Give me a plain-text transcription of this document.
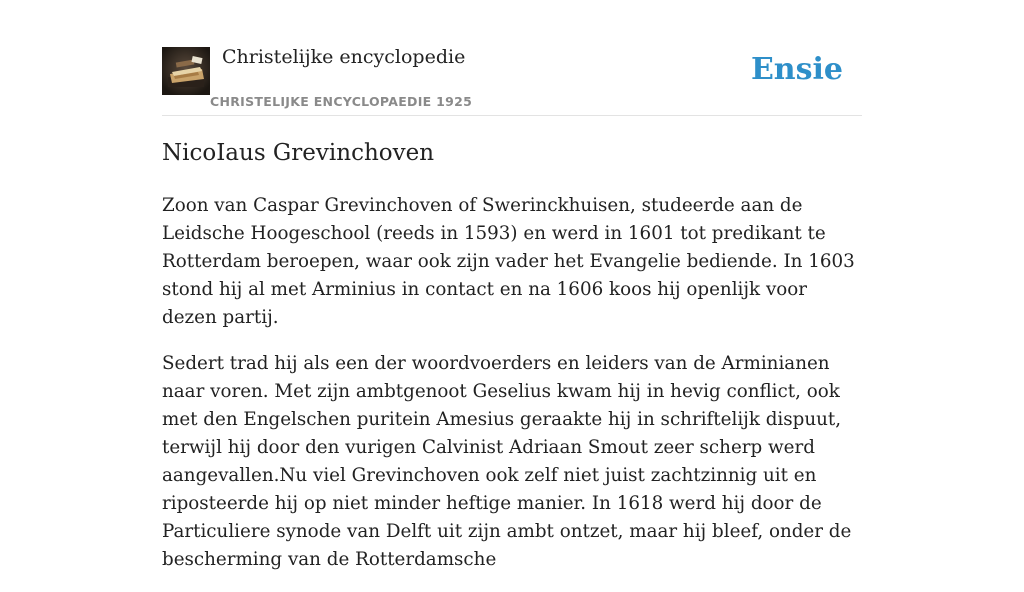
Christelijke encyclopedie
CHRISTELIJKE ENCYCLOPAEDIE 1925
Ensie
NicoIaus Grevinchoven

Zoon van Caspar Grevinchoven of Swerinckhuisen, studeerde aan de Leidsche Hoogeschool (reeds in 1593) en werd in 1601 tot predikant te Rotterdam beroepen, waar ook zijn vader het Evangelie bediende. In 1603 stond hij al met Arminius in contact en na 1606 koos hij openlijk voor dezen partij.

Sedert trad hij als een der woordvoerders en leiders van de Arminianen naar voren. Met zijn ambtgenoot Geselius kwam hij in hevig conflict, ook met den Engelschen puritein Amesius geraakte hij in schriftelijk dispuut, terwijl hij door den vurigen Calvinist Adriaan Smout zeer scherp werd aangevallen.Nu viel Grevinchoven ook zelf niet juist zachtzinnig uit en riposteerde hij op niet minder heftige manier. In 1618 werd hij door de Particuliere synode van Delft uit zijn ambt ontzet, maar hij bleef, onder de bescherming van de Rotterdamsche
